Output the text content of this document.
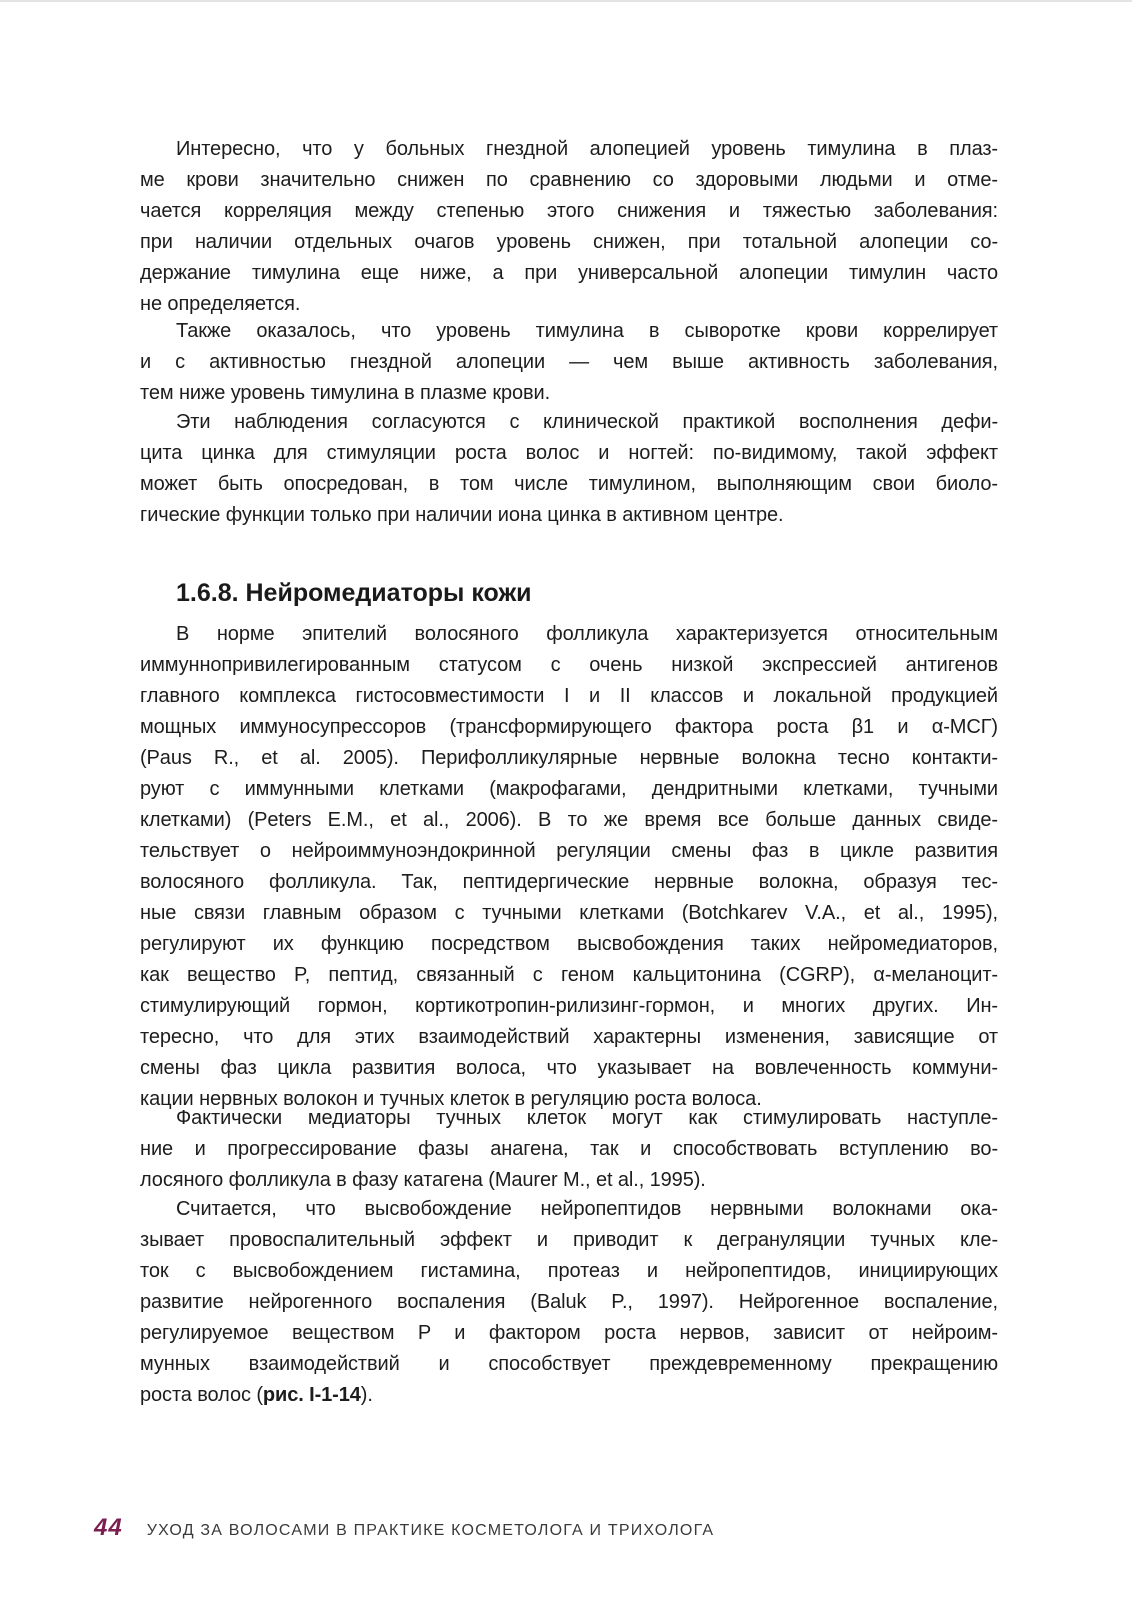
Интересно, что у больных гнездной алопецией уровень тимулина в плаз-
ме крови значительно снижен по сравнению со здоровыми людьми и отме-
чается корреляция между степенью этого снижения и тяжестью заболевания:
при наличии отдельных очагов уровень снижен, при тотальной алопеции со-
держание тимулина еще ниже, а при универсальной алопеции тимулин часто
не определяется.
Также оказалось, что уровень тимулина в сыворотке крови коррелирует
и с активностью гнездной алопеции — чем выше активность заболевания,
тем ниже уровень тимулина в плазме крови.
Эти наблюдения согласуются с клинической практикой восполнения дефи-
цита цинка для стимуляции роста волос и ногтей: по-видимому, такой эффект
может быть опосредован, в том числе тимулином, выполняющим свои биоло-
гические функции только при наличии иона цинка в активном центре.
1.6.8. Нейромедиаторы кожи
В норме эпителий волосяного фолликула характеризуется относительным
иммуннопривилегированным статусом с очень низкой экспрессией антигенов
главного комплекса гистосовместимости I и II классов и локальной продукцией
мощных иммуносупрессоров (трансформирующего фактора роста β1 и α-МСГ)
(Paus R., et al. 2005). Перифолликулярные нервные волокна тесно контакти-
руют с иммунными клетками (макрофагами, дендритными клетками, тучными
клетками) (Peters E.M., et al., 2006). В то же время все больше данных свиде-
тельствует о нейроиммуноэндокринной регуляции смены фаз в цикле развития
волосяного фолликула. Так, пептидергические нервные волокна, образуя тес-
ные связи главным образом с тучными клетками (Botchkarev V.A., et al., 1995),
регулируют их функцию посредством высвобождения таких нейромедиаторов,
как вещество P, пептид, связанный с геном кальцитонина (CGRP), α-меланоцит-
стимулирующий гормон, кортикотропин-рилизинг-гормон, и многих других. Ин-
тересно, что для этих взаимодействий характерны изменения, зависящие от
смены фаз цикла развития волоса, что указывает на вовлеченность коммуни-
кации нервных волокон и тучных клеток в регуляцию роста волоса.
Фактически медиаторы тучных клеток могут как стимулировать наступле-
ние и прогрессирование фазы анагена, так и способствовать вступлению во-
лосяного фолликула в фазу катагена (Maurer M., et al., 1995).
Считается, что высвобождение нейропептидов нервными волокнами ока-
зывает провоспалительный эффект и приводит к дегрануляции тучных кле-
ток с высвобождением гистамина, протеаз и нейропептидов, инициирующих
развитие нейрогенного воспаления (Baluk P., 1997). Нейрогенное воспаление,
регулируемое веществом P и фактором роста нервов, зависит от нейроим-
мунных взаимодействий и способствует преждевременному прекращению
роста волос (рис. I-1-14).
44 УХОД ЗА ВОЛОСАМИ В ПРАКТИКЕ КОСМЕТОЛОГА И ТРИХОЛОГА
